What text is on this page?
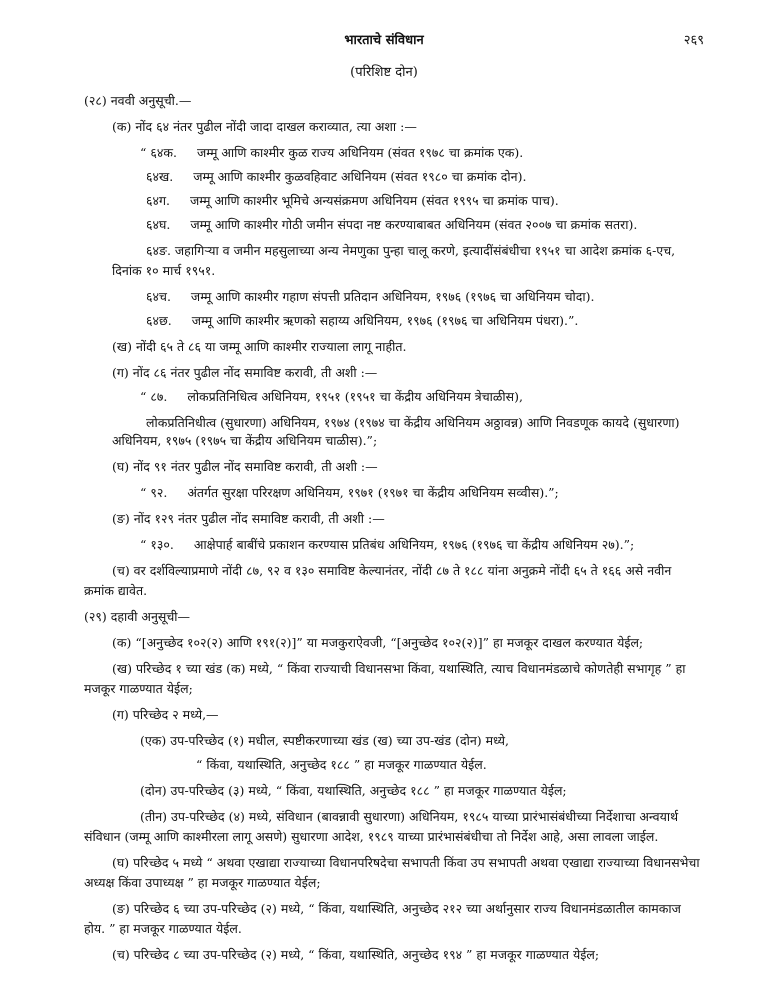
भारताचे संविधान	२६९
(परिशिष्ट दोन)
(२८) नववी अनुसूची.—
(क) नोंद ६४ नंतर पुढील नोंदी जादा दाखल कराव्यात, त्या अशा :—
“ ६४क. जम्मू आणि काश्मीर कुळ राज्य अधिनियम (संवत १९७८ चा क्रमांक एक).
६४ख. जम्मू आणि काश्मीर कुळवहिवाट अधिनियम (संवत १९८० चा क्रमांक दोन).
६४ग. जम्मू आणि काश्मीर भूमिचे अन्यसंक्रमण अधिनियम (संवत १९९५ चा क्रमांक पाच).
६४घ. जम्मू आणि काश्मीर गोठी जमीन संपदा नष्ट करण्याबाबत अधिनियम (संवत २००७ चा क्रमांक सतरा).
६४ङ. जहागिऱ्या व जमीन महसुलाच्या अन्य नेमणुका पुन्हा चालू करणे, इत्यादींसंबंधीचा १९५१ चा आदेश क्रमांक ६-एच,
दिनांक १० मार्च १९५१.
६४च. जम्मू आणि काश्मीर गहाण संपत्ती प्रतिदान अधिनियम, १९७६ (१९७६ चा अधिनियम चोदा).
६४छ. जम्मू आणि काश्मीर ऋणको सहाय्य अधिनियम, १९७६ (१९७६ चा अधिनियम पंधरा).”.
(ख) नोंदी ६५ ते ८६ या जम्मू आणि काश्मीर राज्याला लागू नाहीत.
(ग) नोंद ८६ नंतर पुढील नोंद समाविष्ट करावी, ती अशी :—
“ ८७. लोकप्रतिनिधित्व अधिनियम, १९५१ (१९५१ चा केंद्रीय अधिनियम त्रेचाळीस),
लोकप्रतिनिधीत्व (सुधारणा) अधिनियम, १९७४ (१९७४ चा केंद्रीय अधिनियम अठ्ठावन्न) आणि निवडणूक कायदे (सुधारणा)
अधिनियम, १९७५ (१९७५ चा केंद्रीय अधिनियम चाळीस).”;
(घ) नोंद ९१ नंतर पुढील नोंद समाविष्ट करावी, ती अशी :—
“ ९२. अंतर्गत सुरक्षा परिरक्षण अधिनियम, १९७१ (१९७१ चा केंद्रीय अधिनियम सव्वीस).”;
(ङ) नोंद १२९ नंतर पुढील नोंद समाविष्ट करावी, ती अशी :—
“ १३०. आक्षेपार्ह बाबींचे प्रकाशन करण्यास प्रतिबंध अधिनियम, १९७६ (१९७६ चा केंद्रीय अधिनियम २७).”;
(च) वर दर्शविल्याप्रमाणे नोंदी ८७, ९२ व १३० समाविष्ट केल्यानंतर, नोंदी ८७ ते १८८ यांना अनुक्रमे नोंदी ६५ ते १६६ असे नवीन
क्रमांक द्यावेत.
(२९) दहावी अनुसूची—
(क) “[अनुच्छेद १०२(२) आणि १९१(२)]” या मजकुराऐवजी, “[अनुच्छेद १०२(२)]” हा मजकूर दाखल करण्यात येईल;
(ख) परिच्छेद १ च्या खंड (क) मध्ये, “ किंवा राज्याची विधानसभा किंवा, यथास्थिति, त्याच विधानमंडळाचे कोणतेही सभागृह ” हा
मजकूर गाळण्यात येईल;
(ग) परिच्छेद २ मध्ये,—
(एक) उप-परिच्छेद (१) मधील, स्पष्टीकरणाच्या खंड (ख) च्या उप-खंड (दोन) मध्ये,
“ किंवा, यथास्थिति, अनुच्छेद १८८ ” हा मजकूर गाळण्यात येईल.
(दोन) उप-परिच्छेद (३) मध्ये, “ किंवा, यथास्थिति, अनुच्छेद १८८ ” हा मजकूर गाळण्यात येईल;
(तीन) उप-परिच्छेद (४) मध्ये, संविधान (बावन्नावी सुधारणा) अधिनियम, १९८५ याच्या प्रारंभासंबंधीच्या निर्देशाचा अन्वयार्थ
संविधान (जम्मू आणि काश्मीरला लागू असणे) सुधारणा आदेश, १९८९ याच्या प्रारंभासंबंधीचा तो निर्देश आहे, असा लावला जाईल.
(घ) परिच्छेद ५ मध्ये “ अथवा एखाद्या राज्याच्या विधानपरिषदेचा सभापती किंवा उप सभापती अथवा एखाद्या राज्याच्या विधानसभेचा
अध्यक्ष किंवा उपाध्यक्ष ” हा मजकूर गाळण्यात येईल;
(ङ) परिच्छेद ६ च्या उप-परिच्छेद (२) मध्ये, “ किंवा, यथास्थिति, अनुच्छेद २१२ च्या अर्थानुसार राज्य विधानमंडळातील कामकाज
होय. ” हा मजकूर गाळण्यात येईल.
(च) परिच्छेद ८ च्या उप-परिच्छेद (२) मध्ये, “ किंवा, यथास्थिति, अनुच्छेद १९४ ” हा मजकूर गाळण्यात येईल;
